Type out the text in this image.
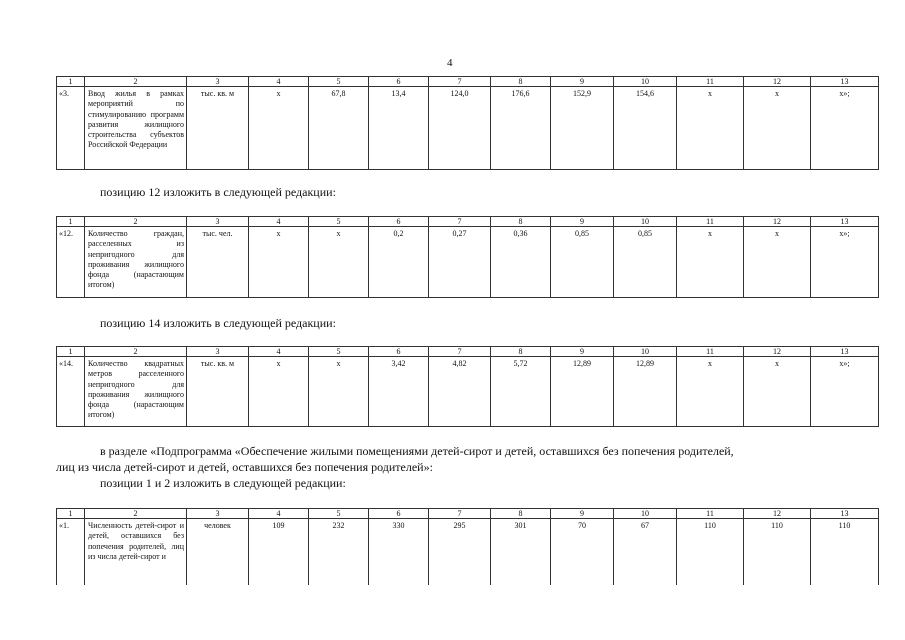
4
1	2	3	4	5	6	7	8	9	10	11	12	13
«3.	Ввод жилья в рамках мероприятий по стимулированию программ развития жилищного строительства субъектов Российской Федерации	тыс. кв. м	х	67,8	13,4	124,0	176,6	152,9	154,6	х	х	х»;

позицию 12 изложить в следующей редакции:

1	2	3	4	5	6	7	8	9	10	11	12	13
«12.	Количество граждан, расселенных из непригодного для проживания жилищного фонда (нарастающим итогом)	тыс. чел.	х	х	0,2	0,27	0,36	0,85	0,85	х	х	х»;

позицию 14 изложить в следующей редакции:

1	2	3	4	5	6	7	8	9	10	11	12	13
«14.	Количество квадратных метров расселенного непригодного для проживания жилищного фонда (нарастающим итогом)	тыс. кв. м	х	х	3,42	4,82	5,72	12,89	12,89	х	х	х»;

в разделе «Подпрограмма «Обеспечение жилыми помещениями детей-сирот и детей, оставшихся без попечения родителей,

лиц из числа детей-сирот и детей, оставшихся без попечения родителей»:

позиции 1 и 2 изложить в следующей редакции:

1	2	3	4	5	6	7	8	9	10	11	12	13
«1.	Численность детей-сирот и детей, оставшихся без попечения родителей, лиц из числа детей-сирот и	человек	109	232	330	295	301	70	67	110	110	110
